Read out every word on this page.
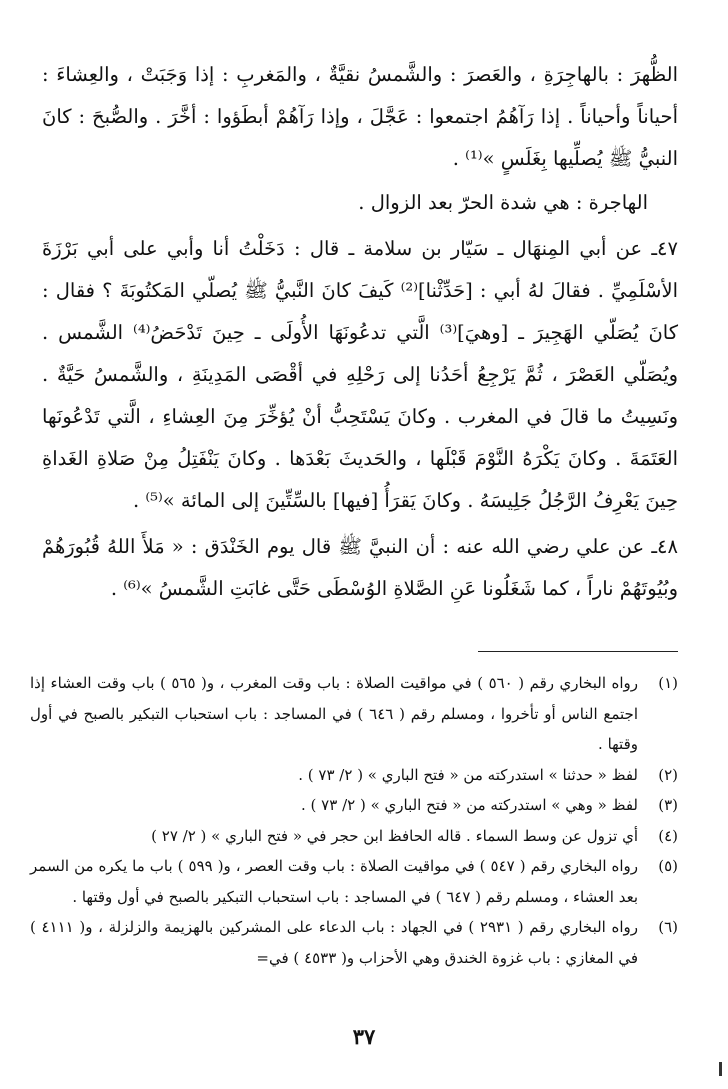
الظُّهرَ : بالهاجِرَةِ ، والعَصرَ : والشَّمسُ نقيَّةٌ ، والمَغربِ : إذا وَجَبَتْ ، والعِشاءَ : أحياناً وأحياناً . إذا رَآهُمُ اجتمعوا : عَجَّلَ ، وإذا رَآهُمْ أبطَؤوا : أخَّرَ . والصُّبحَ : كانَ النبيُّ ﷺ يُصلِّيها بِغَلَسٍ »⁽¹⁾ .

الهاجرة : هي شدة الحرّ بعد الزوال .

٤٧ـ عن أبي المِنهَال ـ سَيّار بن سلامة ـ قال : دَخَلْتُ أنا وأبي على أبي بَرْزَةَ الأسْلَمِيِّ . فقالَ لهُ أبي : [حَدِّثْنا]⁽²⁾ كَيفَ كانَ النَّبيُّ ﷺ يُصلّي المَكتُوبَةَ ؟ فقال : كانَ يُصَلّي الهَجِيرَ ـ [وهيَ]⁽³⁾ الَّتي تدعُونَهَا الأُولَى ـ حِينَ تَدْحَضُ⁽⁴⁾ الشَّمس . ويُصَلّي العَصْرَ ، ثُمَّ يَرْجِعُ أحَدُنا إلى رَحْلِهِ في أقْصَى المَدِينَةِ ، والشَّمسُ حَيَّةٌ . ونَسِيتُ ما قالَ في المغرب . وكانَ يَسْتَحِبُّ أنْ يُؤخِّرَ مِنَ العِشاءِ ، الَّتي تَدْعُونَها العَتَمَةَ . وكانَ يَكْرَهُ النَّوْمَ قَبْلَها ، والحَديثَ بَعْدَها . وكانَ يَنْفَتِلُ مِنْ صَلاةِ الغَداةِ حِينَ يَعْرِفُ الرَّجُلُ جَلِيسَهُ . وكانَ يَقرَأُ [فيها] بالسِّتِّينَ إلى المائة »⁽⁵⁾ .

٤٨ـ عن علي رضي الله عنه : أن النبيَّ ﷺ قال يوم الخَنْدَق : « مَلأَ اللهُ قُبُورَهُمْ وبُيُوتَهُمْ ناراً ، كما شَغَلُونا عَنِ الصَّلاةِ الوُسْطَى حَتَّى غابَتِ الشَّمسُ »⁽⁶⁾ .

(١)
رواه البخاري رقم ( ٥٦٠ ) في مواقيت الصلاة : باب وقت المغرب ، و( ٥٦٥ ) باب وقت العشاء إذا اجتمع الناس أو تأخروا ، ومسلم رقم ( ٦٤٦ ) في المساجد : باب استحباب التبكير بالصبح في أول وقتها .
(٢)
لفظ « حدثنا » استدركته من « فتح الباري » ( ٢/ ٧٣ ) .
(٣)
لفظ « وهي » استدركته من « فتح الباري » ( ٢/ ٧٣ ) .
(٤)
أي تزول عن وسط السماء . قاله الحافظ ابن حجر في « فتح الباري » ( ٢/ ٢٧ )
(٥)
رواه البخاري رقم ( ٥٤٧ ) في مواقيت الصلاة : باب وقت العصر ، و( ٥٩٩ ) باب ما يكره من السمر بعد العشاء ، ومسلم رقم ( ٦٤٧ ) في المساجد : باب استحباب التبكير بالصبح في أول وقتها .
(٦)
رواه البخاري رقم ( ٢٩٣١ ) في الجهاد : باب الدعاء على المشركين بالهزيمة والزلزلة ، و( ٤١١١ ) في المغازي : باب غزوة الخندق وهي الأحزاب و( ٤٥٣٣ ) في=
٣٧
